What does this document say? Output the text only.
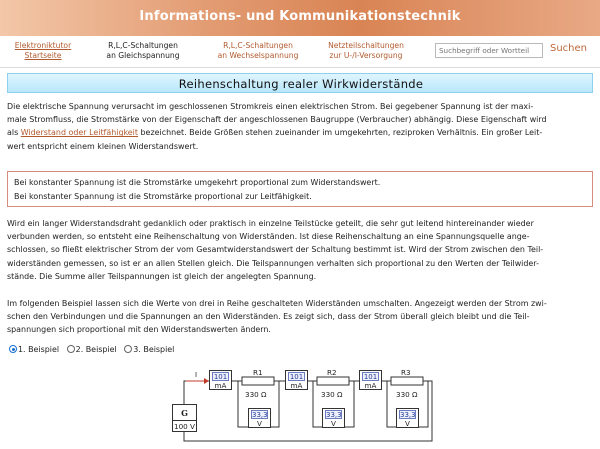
Informations- und Kommunikationstechnik
Elektroniktutor
Startseite
R,L,C-Schaltungen
an Gleichspannung
R,L,C-Schaltungen
an Wechselspannung
Netzteilschaltungen
zur U-/I-Versorgung
Suchbegriff oder Wortteil
Suchen
Reihenschaltung realer Wirkwiderstände
Die elektrische Spannung verursacht im geschlossenen Stromkreis einen elektrischen Strom. Bei gegebener Spannung ist der maxi-
male Stromfluss, die Stromstärke von der Eigenschaft der angeschlossenen Baugruppe (Verbraucher) abhängig. Diese Eigenschaft wird
als Widerstand oder Leitfähigkeit bezeichnet. Beide Größen stehen zueinander im umgekehrten, reziproken Verhältnis. Ein großer Leit-
wert entspricht einem kleinen Widerstandswert.
Bei konstanter Spannung ist die Stromstärke umgekehrt proportional zum Widerstandswert.
Bei konstanter Spannung ist die Stromstärke proportional zur Leitfähigkeit.
Wird ein langer Widerstandsdraht gedanklich oder praktisch in einzelne Teilstücke geteilt, die sehr gut leitend hintereinander wieder
verbunden werden, so entsteht eine Reihenschaltung von Widerständen. Ist diese Reihenschaltung an eine Spannungsquelle ange-
schlossen, so fließt elektrischer Strom der vom Gesamtwiderstandswert der Schaltung bestimmt ist. Wird der Strom zwischen den Teil-
widerständen gemessen, so ist er an allen Stellen gleich. Die Teilspannungen verhalten sich proportional zu den Werten der Teilwider-
stände. Die Summe aller Teilspannungen ist gleich der angelegten Spannung.
Im folgenden Beispiel lassen sich die Werte von drei in Reihe geschalteten Widerständen umschalten. Angezeigt werden der Strom zwi-
schen den Verbindungen und die Spannungen an den Widerständen. Es zeigt sich, dass der Strom überall gleich bleibt und die Teil-
spannungen sich proportional mit den Widerstandswerten ändern.
1. Beispiel 2. Beispiel 3. Beispiel
I 101
mA
101
mA
101
mA
R1
330 Ω
R2
330 Ω
R3
330 Ω
33,3
V
33,3
V
33,3
V
G
100 V
